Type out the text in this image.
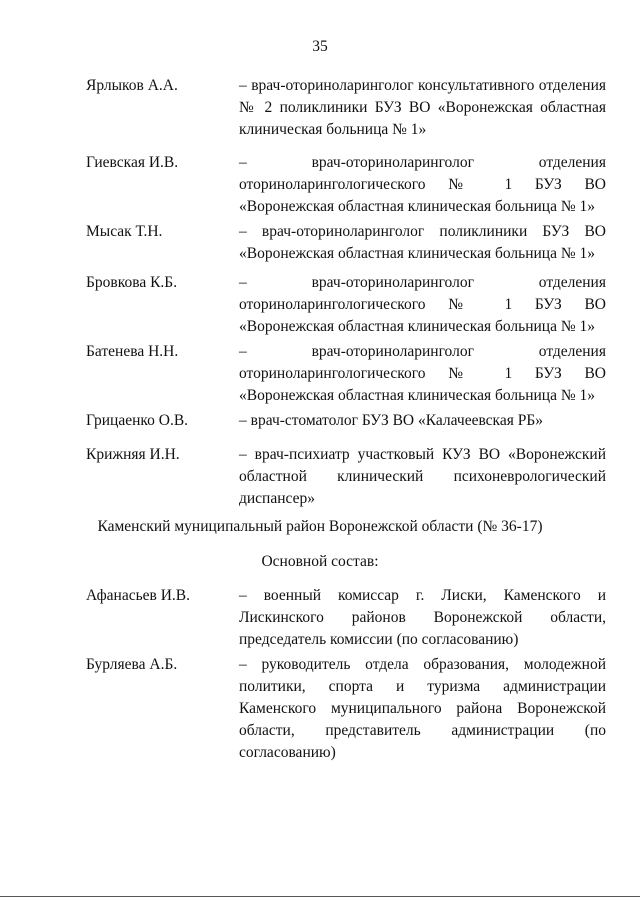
35
Ярлыков А.А.	– врач-оториноларинголог консультативного отделения № 2 поликлиники БУЗ ВО «Воронежская областная клиническая больница № 1»
Гиевская И.В.	– врач-оториноларинголог отделения оториноларингологического № 1 БУЗ ВО «Воронежская областная клиническая больница № 1»
Мысак Т.Н.	– врач-оториноларинголог поликлиники БУЗ ВО «Воронежская областная клиническая больница № 1»
Бровкова К.Б.	– врач-оториноларинголог отделения оториноларингологического № 1 БУЗ ВО «Воронежская областная клиническая больница № 1»
Батенева Н.Н.	– врач-оториноларинголог отделения оториноларингологического № 1 БУЗ ВО «Воронежская областная клиническая больница № 1»
Грицаенко О.В.	– врач-стоматолог БУЗ ВО «Калачеевская РБ»
Крижняя И.Н.	– врач-психиатр участковый КУЗ ВО «Воронежский областной клинический психоневрологический диспансер»
Каменский муниципальный район Воронежской области (№ 36-17)
Основной состав:
Афанасьев И.В.	– военный комиссар г. Лиски, Каменского и Лискинского районов Воронежской области, председатель комиссии (по согласованию)
Бурляева А.Б.	– руководитель отдела образования, молодежной политики, спорта и туризма администрации Каменского муниципального района Воронежской области, представитель администрации (по согласованию)
